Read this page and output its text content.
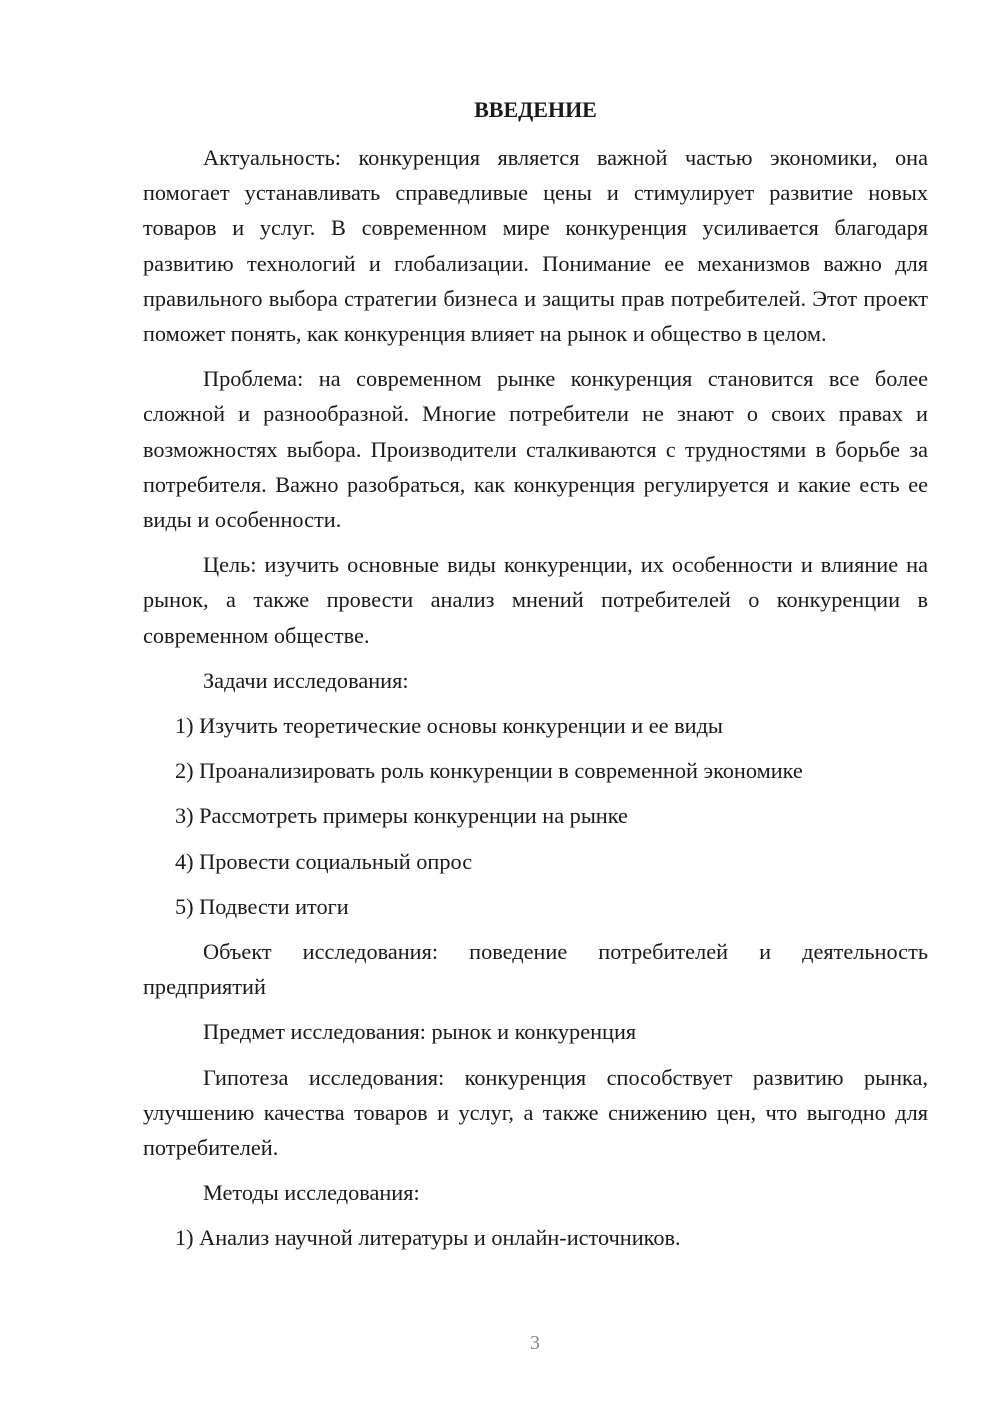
ВВЕДЕНИЕ

Актуальность: конкуренция является важной частью экономики, она помогает устанавливать справедливые цены и стимулирует развитие новых товаров и услуг. В современном мире конкуренция усиливается благодаря развитию технологий и глобализации. Понимание ее механизмов важно для правильного выбора стратегии бизнеса и защиты прав потребителей. Этот проект поможет понять, как конкуренция влияет на рынок и общество в целом.

Проблема: на современном рынке конкуренция становится все более сложной и разнообразной. Многие потребители не знают о своих правах и возможностях выбора. Производители сталкиваются с трудностями в борьбе за потребителя. Важно разобраться, как конкуренция регулируется и какие есть ее виды и особенности.

Цель: изучить основные виды конкуренции, их особенности и влияние на рынок, а также провести анализ мнений потребителей о конкуренции в современном обществе.

Задачи исследования:

1) Изучить теоретические основы конкуренции и ее виды
2) Проанализировать роль конкуренции в современной экономике
3) Рассмотреть примеры конкуренции на рынке
4) Провести социальный опрос
5) Подвести итоги

Объект исследования: поведение потребителей и деятельность предприятий

Предмет исследования: рынок и конкуренция

Гипотеза исследования: конкуренция способствует развитию рынка, улучшению качества товаров и услуг, а также снижению цен, что выгодно для потребителей.

Методы исследования:

1) Анализ научной литературы и онлайн-источников.
3
